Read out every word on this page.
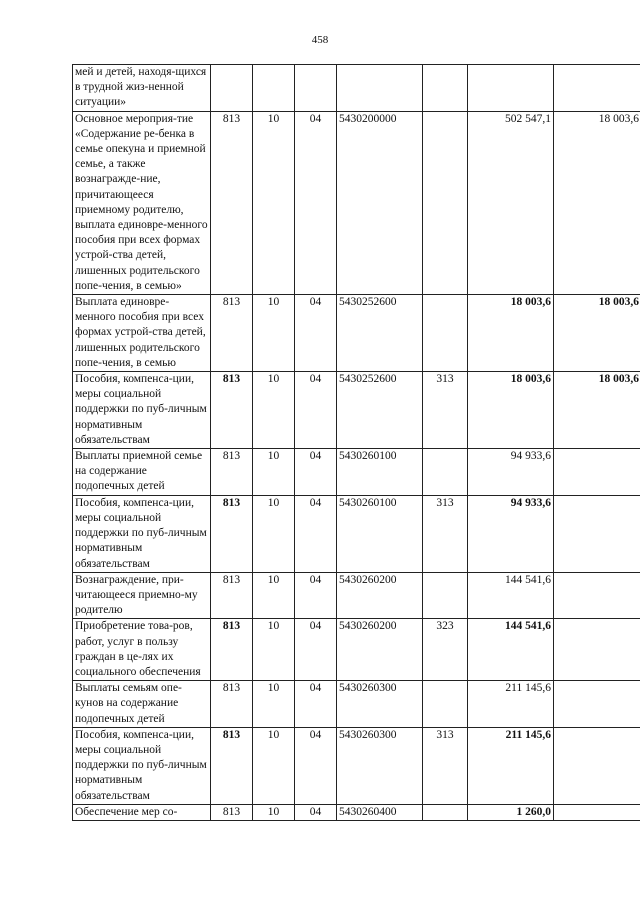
458
мей и детей, находя-щихся в трудной жиз-ненной ситуации»							
Основное мероприя-тие «Содержание ре-бенка в семье опекуна и приемной семье, а также вознагражде-ние, причитающееся приемному родителю, выплата единовре-менного пособия при всех формах устрой-ства детей, лишенных родительского попе-чения, в семью»	813	10	04	5430200000		502 547,1	18 003,6
Выплата единовре-менного пособия при всех формах устрой-ства детей, лишенных родительского попе-чения, в семью	813	10	04	5430252600		18 003,6	18 003,6
Пособия, компенса-ции, меры социальной поддержки по пуб-личным нормативным обязательствам	813	10	04	5430252600	313	18 003,6	18 003,6
Выплаты приемной семье на содержание подопечных детей	813	10	04	5430260100		94 933,6	
Пособия, компенса-ции, меры социальной поддержки по пуб-личным нормативным обязательствам	813	10	04	5430260100	313	94 933,6	
Вознаграждение, при-читающееся приемно-му родителю	813	10	04	5430260200		144 541,6	
Приобретение това-ров, работ, услуг в пользу граждан в це-лях их социального обеспечения	813	10	04	5430260200	323	144 541,6	
Выплаты семьям опе-кунов на содержание подопечных детей	813	10	04	5430260300		211 145,6	
Пособия, компенса-ции, меры социальной поддержки по пуб-личным нормативным обязательствам	813	10	04	5430260300	313	211 145,6	
Обеспечение мер со-	813	10	04	5430260400		1 260,0	
